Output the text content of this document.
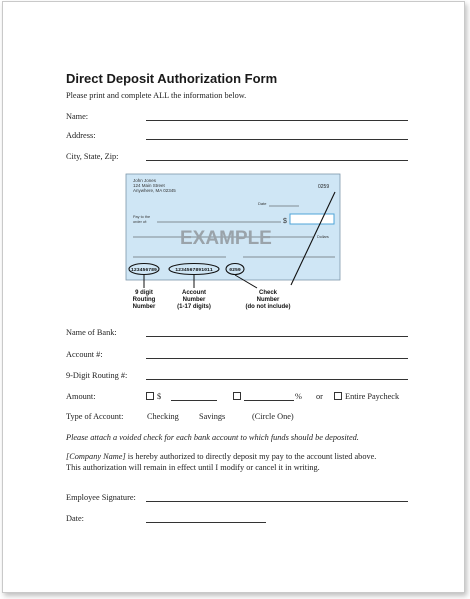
Direct Deposit Authorization Form
Please print and complete ALL the information below.
Name:
Address:
City, State, Zip:
John Jones
124 Main Street
Anywhere, MA 02345
0259
Date
Pay to the
order of:	$
Dollars
EXAMPLE
123456789	1234567891011	0259
9 digit
Routing
Number
Account
Number
(1-17 digits)
Check
Number
(do not include)
Name of Bank:
Account #:
9-Digit Routing #:
Amount:	$	% or	Entire Paycheck
Type of Account:	Checking Savings	(Circle One)
Please attach a voided check for each bank account to which funds should be deposited.
[Company Name] is hereby authorized to directly deposit my pay to the account listed above.
This authorization will remain in effect until I modify or cancel it in writing.
Employee Signature:
Date:
